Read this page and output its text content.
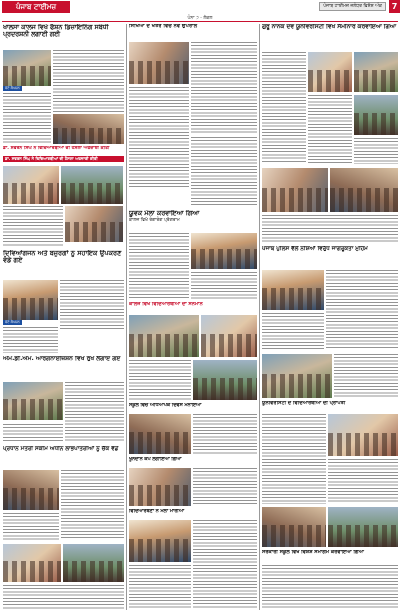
ਪੰਜਾਬ ਟਾਈਮਜ਼	ਪੰਜਾਬ ਟਾਈਮਜ਼ ਜਲੰਧਰ ਵਿਸ਼ੇਸ਼ ਅੰਕ	7
ਪੰਨਾ ੭ - ਲੋਕਲ
ਖਾਲਸਾ ਕਾਲਜ ਵਿਖੇ ਫੈਸ਼ਨ ਡਿਜ਼ਾਇਨਿੰਗ ਸਬੰਧੀ ਪ੍ਰਦਰਸ਼ਨੀ ਲਗਾਈ ਗਈ
ਫੋਟੋ ਕੈਪਸ਼ਨ
ਡਾ. ਸਵਰਨ ਸਿੰਘ ਨੇ ਵਿਦਿਆਰਥੀਆਂ ਦੀ ਹੌਸਲਾ ਅਫਜ਼ਾਈ ਕੀਤੀ
ਡਾ. ਸਵਰਨ ਸਿੰਘ ਨੇ ਵਿਦਿਆਰਥੀਆਂ ਦੀ ਹੌਸਲਾ ਅਫਜ਼ਾਈ ਕੀਤੀ
ਦਿਵਿਆਂਗਜਨ ਅਤੇ ਬਜ਼ੁਰਗਾਂ ਨੂੰ ਸਹਾਇਕ ਉਪਕਰਣ ਵੰਡੇ ਗਏ
ਫੋਟੋ ਕੈਪਸ਼ਨ
ਐਮ.ਡੀ.ਐਮ. ਆਰਗਨਾਈਜ਼ੇਸ਼ਨ ਵਿਖੇ ਰੁੱਖ ਲਗਾਏ ਗਏ
ਪ੍ਰਧਾਨ ਮੰਤਰੀ ਸਕੀਮ ਅਧੀਨ ਲਾਭਪਾਤਰੀਆਂ ਨੂੰ ਚੈੱਕ ਵੰਡੇ
ਸਿੱਖਿਆ ਦੇ ਖੇਤਰ ਵਿੱਚ ਨਵੇਂ ਉਪਰਾਲੇ
ਯੂਵਕ ਮੇਲਾ ਕਰਵਾਇਆ ਗਿਆ
ਕਾਲਜ ਵਿਖੇ ਰੰਗਾਰੰਗ ਪ੍ਰੋਗਰਾਮ
ਕਾਲਜ ਵਿਖੇ ਵਿਦਿਆਰਥੀਆਂ ਦਾ ਸਨਮਾਨ
ਸਕੂਲ ਵਿੱਚ ਅਧਿਆਪਕ ਦਿਵਸ ਮਨਾਇਆ
ਖੂਨਦਾਨ ਕੈਂਪ ਲਗਾਇਆ ਗਿਆ
ਵਿਦਿਆਰਥਣਾਂ ਨੇ ਮੱਲਾਂ ਮਾਰੀਆਂ
ਗੁਰੂ ਨਾਨਕ ਦੇਵ ਯੂਨੀਵਰਸਿਟੀ ਵਿਖੇ ਸੈਮੀਨਾਰ ਕਰਵਾਇਆ ਗਿਆ
ਪੰਜਾਬ ਪੁਲਿਸ ਵੱਲੋਂ ਨਸ਼ਿਆਂ ਵਿਰੁੱਧ ਜਾਗਰੂਕਤਾ ਮੁਹਿੰਮ
ਯੂਨੀਵਰਸਿਟੀ ਦੇ ਵਿਦਿਆਰਥੀਆਂ ਦੀ ਪ੍ਰਾਪਤੀ
ਸਰਕਾਰੀ ਸਕੂਲ ਵਿਖੇ ਵਿਸ਼ੇਸ਼ ਸਮਾਗਮ ਕਰਵਾਇਆ ਗਿਆ
